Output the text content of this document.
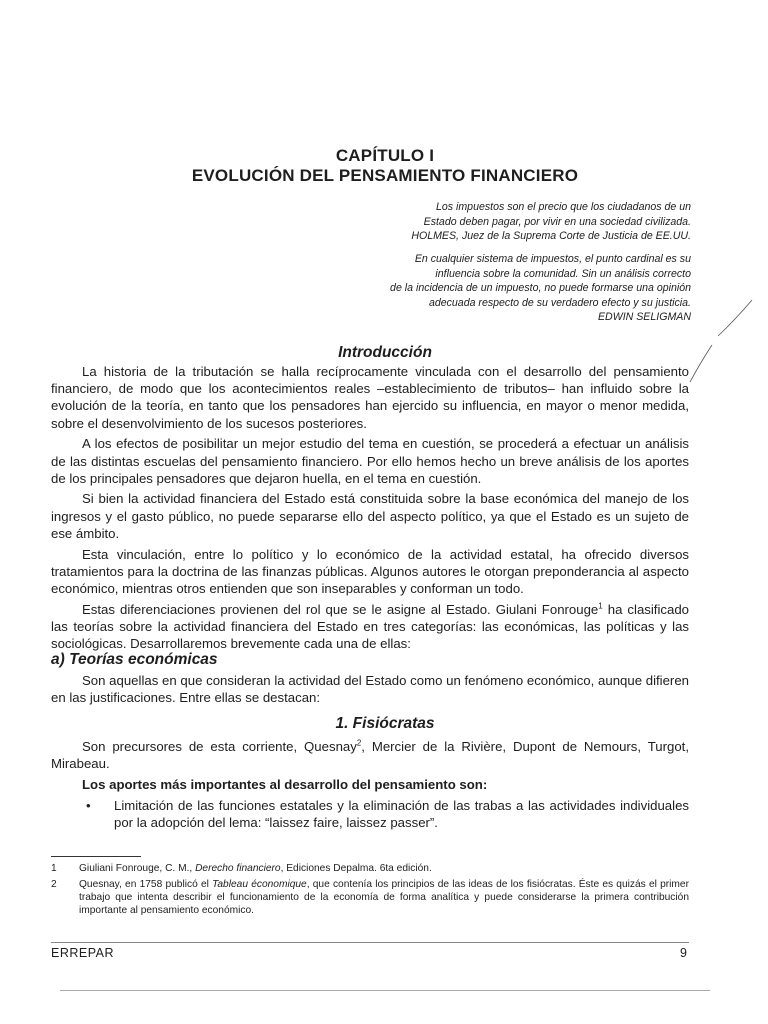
CAPÍTULO I
EVOLUCIÓN DEL PENSAMIENTO FINANCIERO
Los impuestos son el precio que los ciudadanos de un
Estado deben pagar, por vivir en una sociedad civilizada.
HOLMES, Juez de la Suprema Corte de Justicia de EE.UU.
En cualquier sistema de impuestos, el punto cardinal es su
influencia sobre la comunidad. Sin un análisis correcto
de la incidencia de un impuesto, no puede formarse una opinión
adecuada respecto de su verdadero efecto y su justicia.
EDWIN SELIGMAN
Introducción

La historia de la tributación se halla recíprocamente vinculada con el desarrollo del pensamiento financiero, de modo que los acontecimientos reales –establecimiento de tributos– han influido sobre la evolución de la teoría, en tanto que los pensadores han ejercido su influencia, en mayor o menor medida, sobre el desenvolvimiento de los sucesos posteriores.

A los efectos de posibilitar un mejor estudio del tema en cuestión, se procederá a efectuar un análisis de las distintas escuelas del pensamiento financiero. Por ello hemos hecho un breve análisis de los aportes de los principales pensadores que dejaron huella, en el tema en cuestión.

Si bien la actividad financiera del Estado está constituida sobre la base económica del manejo de los ingresos y el gasto público, no puede separarse ello del aspecto político, ya que el Estado es un sujeto de ese ámbito.

Esta vinculación, entre lo político y lo económico de la actividad estatal, ha ofrecido diversos tratamientos para la doctrina de las finanzas públicas. Algunos autores le otorgan preponderancia al aspecto económico, mientras otros entienden que son inseparables y conforman un todo.

Estas diferenciaciones provienen del rol que se le asigne al Estado. Giulani Fonrouge$^1$ ha clasificado las teorías sobre la actividad financiera del Estado en tres categorías: las económicas, las políticas y las sociológicas. Desarrollaremos brevemente cada una de ellas:

a) Teorías económicas

Son aquellas en que consideran la actividad del Estado como un fenómeno económico, aunque difieren en las justificaciones. Entre ellas se destacan:

1. Fisiócratas

Son precursores de esta corriente, Quesnay$^2$, Mercier de la Rivière, Dupont de Nemours, Turgot, Mirabeau.

Los aportes más importantes al desarrollo del pensamiento son:

• Limitación de las funciones estatales y la eliminación de las trabas a las actividades individuales por la adopción del lema: “laissez faire, laissez passer”.

1 Giuliani Fonrouge, C. M., Derecho financiero, Ediciones Depalma. 6ta edición.

2 Quesnay, en 1758 publicó el Tableau économique, que contenía los principios de las ideas de los fisiócratas. Éste es quizás el primer trabajo que intenta describir el funcionamiento de la economía de forma analítica y puede considerarse la primera contribución importante al pensamiento económico.

ERREPAR	9
